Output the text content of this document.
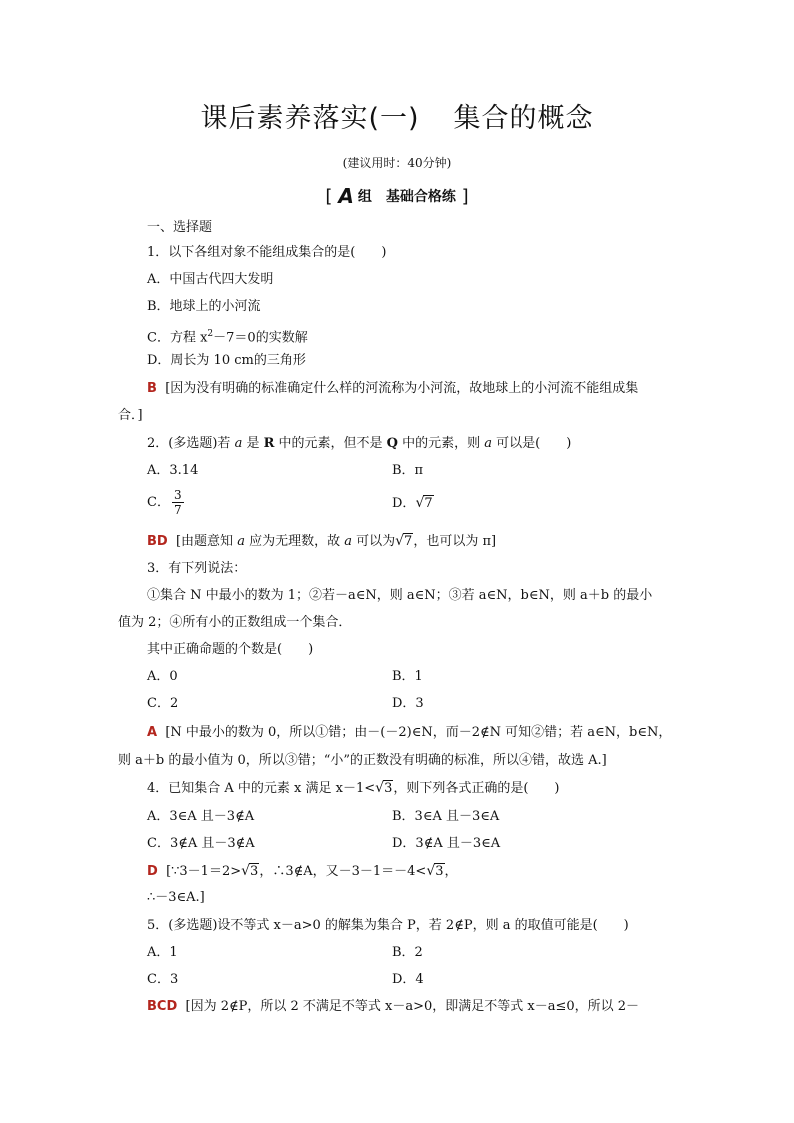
课后素养落实(一) 集合的概念
(建议用时：40分钟)
[ A 组　基础合格练 ]
一、选择题
1．以下各组对象不能组成集合的是(　　)
A．中国古代四大发明
B．地球上的小河流
C．方程 $x^2-7=0$的实数解
D．周长为 10 cm的三角形
B [因为没有明确的标准确定什么样的河流称为小河流，故地球上的小河流不能组成集
合．]
2．(多选题)若 a 是 R 中的元素，但不是 Q 中的元素，则 a 可以是(　　)
A．3.14	B．π
C． $\frac{3}{7}$	D．√7
BD [由题意知 a 应为无理数，故 a 可以为√7，也可以为 π]
3．有下列说法：
①集合 N 中最小的数为 1；②若－a∈N，则 a∈N；③若 a∈N，b∈N，则 a＋b 的最小
值为 2；④所有小的正数组成一个集合．
其中正确命题的个数是(　　)
A．0	B．1
C．2	D．3
A [N 中最小的数为 0，所以①错；由－(－2)∈N，而－2∉N 可知②错；若 a∈N，b∈N，
则 a＋b 的最小值为 0，所以③错；“小”的正数没有明确的标准，所以④错，故选 A.]
4．已知集合 A 中的元素 x 满足 x－1<√3，则下列各式正确的是(　　)
A．3∈A 且－3∉A	B．3∈A 且－3∈A
C．3∉A 且－3∉A	D．3∉A 且－3∈A
D [∵3－1＝2>√3，∴3∉A，又－3－1＝－4<√3，
∴－3∈A.]
5．(多选题)设不等式 x－a>0 的解集为集合 P，若 2∉P，则 a 的取值可能是(　　)
A．1	B．2
C．3	D．4
BCD [因为 2∉P，所以 2 不满足不等式 x－a>0，即满足不等式 x－a≤0，所以 2－
